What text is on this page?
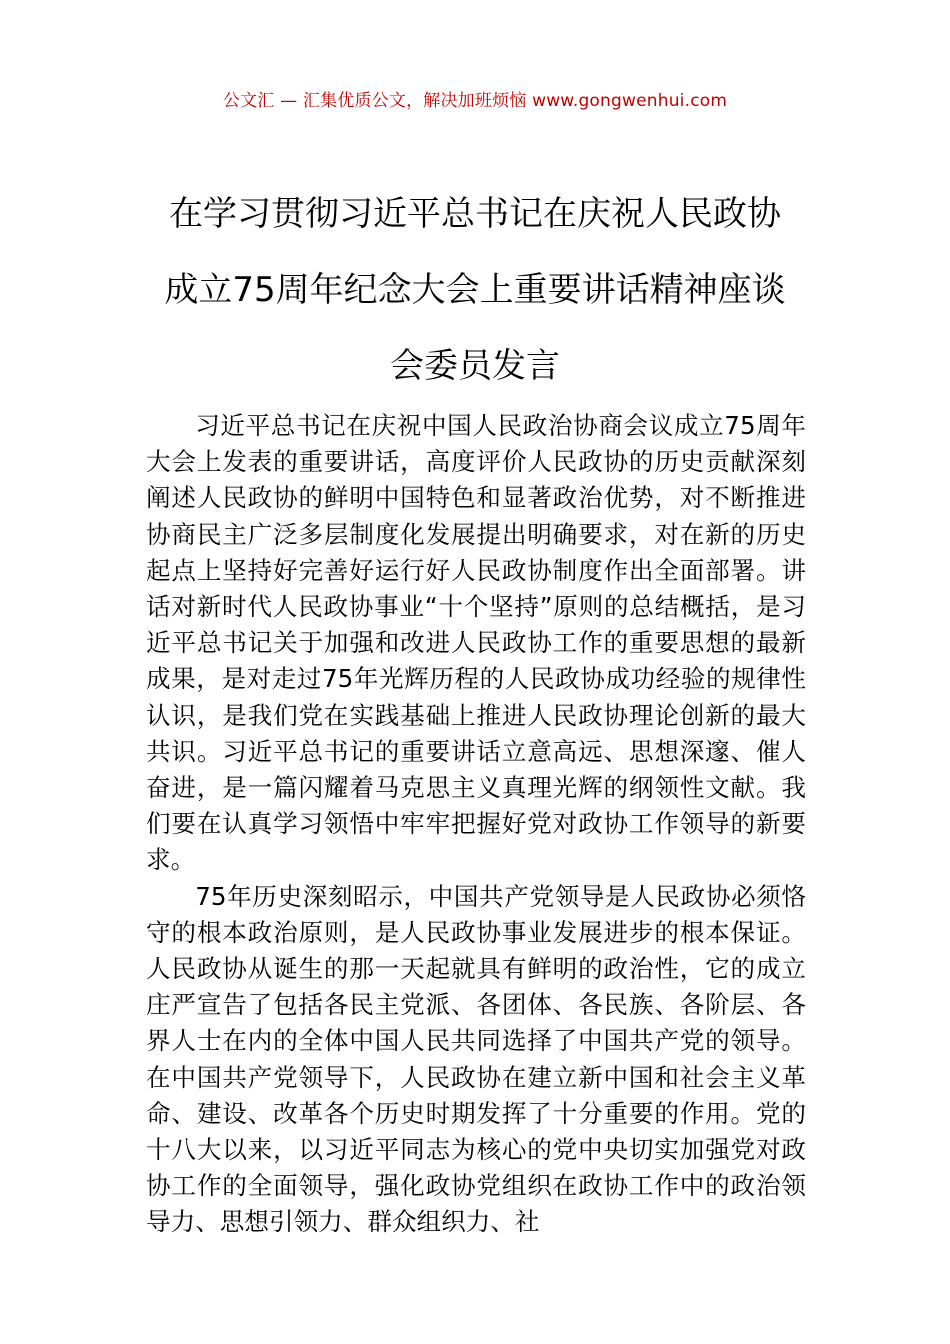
公文汇 — 汇集优质公文，解决加班烦恼 www.gongwenhui.com
在学习贯彻习近平总书记在庆祝人民政协
成立75周年纪念大会上重要讲话精神座谈
会委员发言

习近平总书记在庆祝中国人民政治协商会议成立75周年大会上发表的重要讲话，高度评价人民政协的历史贡献深刻阐述人民政协的鲜明中国特色和显著政治优势，对不断推进协商民主广泛多层制度化发展提出明确要求，对在新的历史起点上坚持好完善好运行好人民政协制度作出全面部署。讲话对新时代人民政协事业“十个坚持”原则的总结概括，是习近平总书记关于加强和改进人民政协工作的重要思想的最新成果，是对走过75年光辉历程的人民政协成功经验的规律性认识，是我们党在实践基础上推进人民政协理论创新的最大共识。习近平总书记的重要讲话立意高远、思想深邃、催人奋进，是一篇闪耀着马克思主义真理光辉的纲领性文献。我们要在认真学习领悟中牢牢把握好党对政协工作领导的新要求。

75年历史深刻昭示，中国共产党领导是人民政协必须恪守的根本政治原则，是人民政协事业发展进步的根本保证。人民政协从诞生的那一天起就具有鲜明的政治性，它的成立庄严宣告了包括各民主党派、各团体、各民族、各阶层、各界人士在内的全体中国人民共同选择了中国共产党的领导。在中国共产党领导下，人民政协在建立新中国和社会主义革命、建设、改革各个历史时期发挥了十分重要的作用。党的十八大以来，以习近平同志为核心的党中央切实加强党对政协工作的全面领导，强化政协党组织在政协工作中的政治领导力、思想引领力、群众组织力、社
